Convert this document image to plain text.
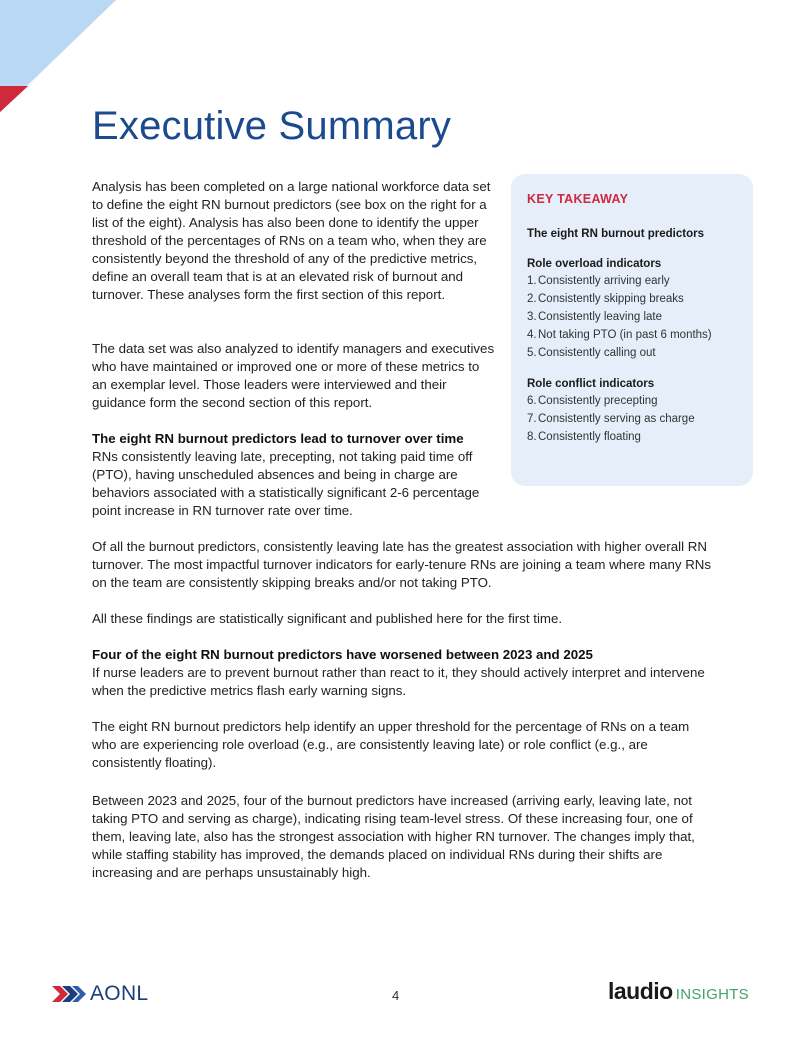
Executive Summary

Analysis has been completed on a large national workforce data set to define the eight RN burnout predictors (see box on the right for a list of the eight). Analysis has also been done to identify the upper threshold of the percentages of RNs on a team who, when they are consistently beyond the threshold of any of the predictive metrics, define an overall team that is at an elevated risk of burnout and turnover. These analyses form the first section of this report.

The data set was also analyzed to identify managers and executives who have maintained or improved one or more of these metrics to an exemplar level. Those leaders were interviewed and their guidance form the second section of this report.

The eight RN burnout predictors lead to turnover over time
RNs consistently leaving late, precepting, not taking paid time off (PTO), having unscheduled absences and being in charge are behaviors associated with a statistically significant 2-6 percentage point increase in RN turnover rate over time.

Of all the burnout predictors, consistently leaving late has the greatest association with higher overall RN turnover. The most impactful turnover indicators for early-tenure RNs are joining a team where many RNs on the team are consistently skipping breaks and/or not taking PTO.

All these findings are statistically significant and published here for the first time.

Four of the eight RN burnout predictors have worsened between 2023 and 2025
If nurse leaders are to prevent burnout rather than react to it, they should actively interpret and intervene when the predictive metrics flash early warning signs.

The eight RN burnout predictors help identify an upper threshold for the percentage of RNs on a team who are experiencing role overload (e.g., are consistently leaving late) or role conflict (e.g., are consistently floating).

Between 2023 and 2025, four of the burnout predictors have increased (arriving early, leaving late, not taking PTO and serving as charge), indicating rising team-level stress. Of these increasing four, one of them, leaving late, also has the strongest association with higher RN turnover. The changes imply that, while staffing stability has improved, the demands placed on individual RNs during their shifts are increasing and are perhaps unsustainably high.

KEY TAKEAWAY
The eight RN burnout predictors
Role overload indicators
1. Consistently arriving early
2. Consistently skipping breaks
3. Consistently leaving late
4. Not taking PTO (in past 6 months)
5. Consistently calling out
Role conflict indicators
6. Consistently precepting
7. Consistently serving as charge
8. Consistently floating
AONL	4	laudio INSIGHTS
